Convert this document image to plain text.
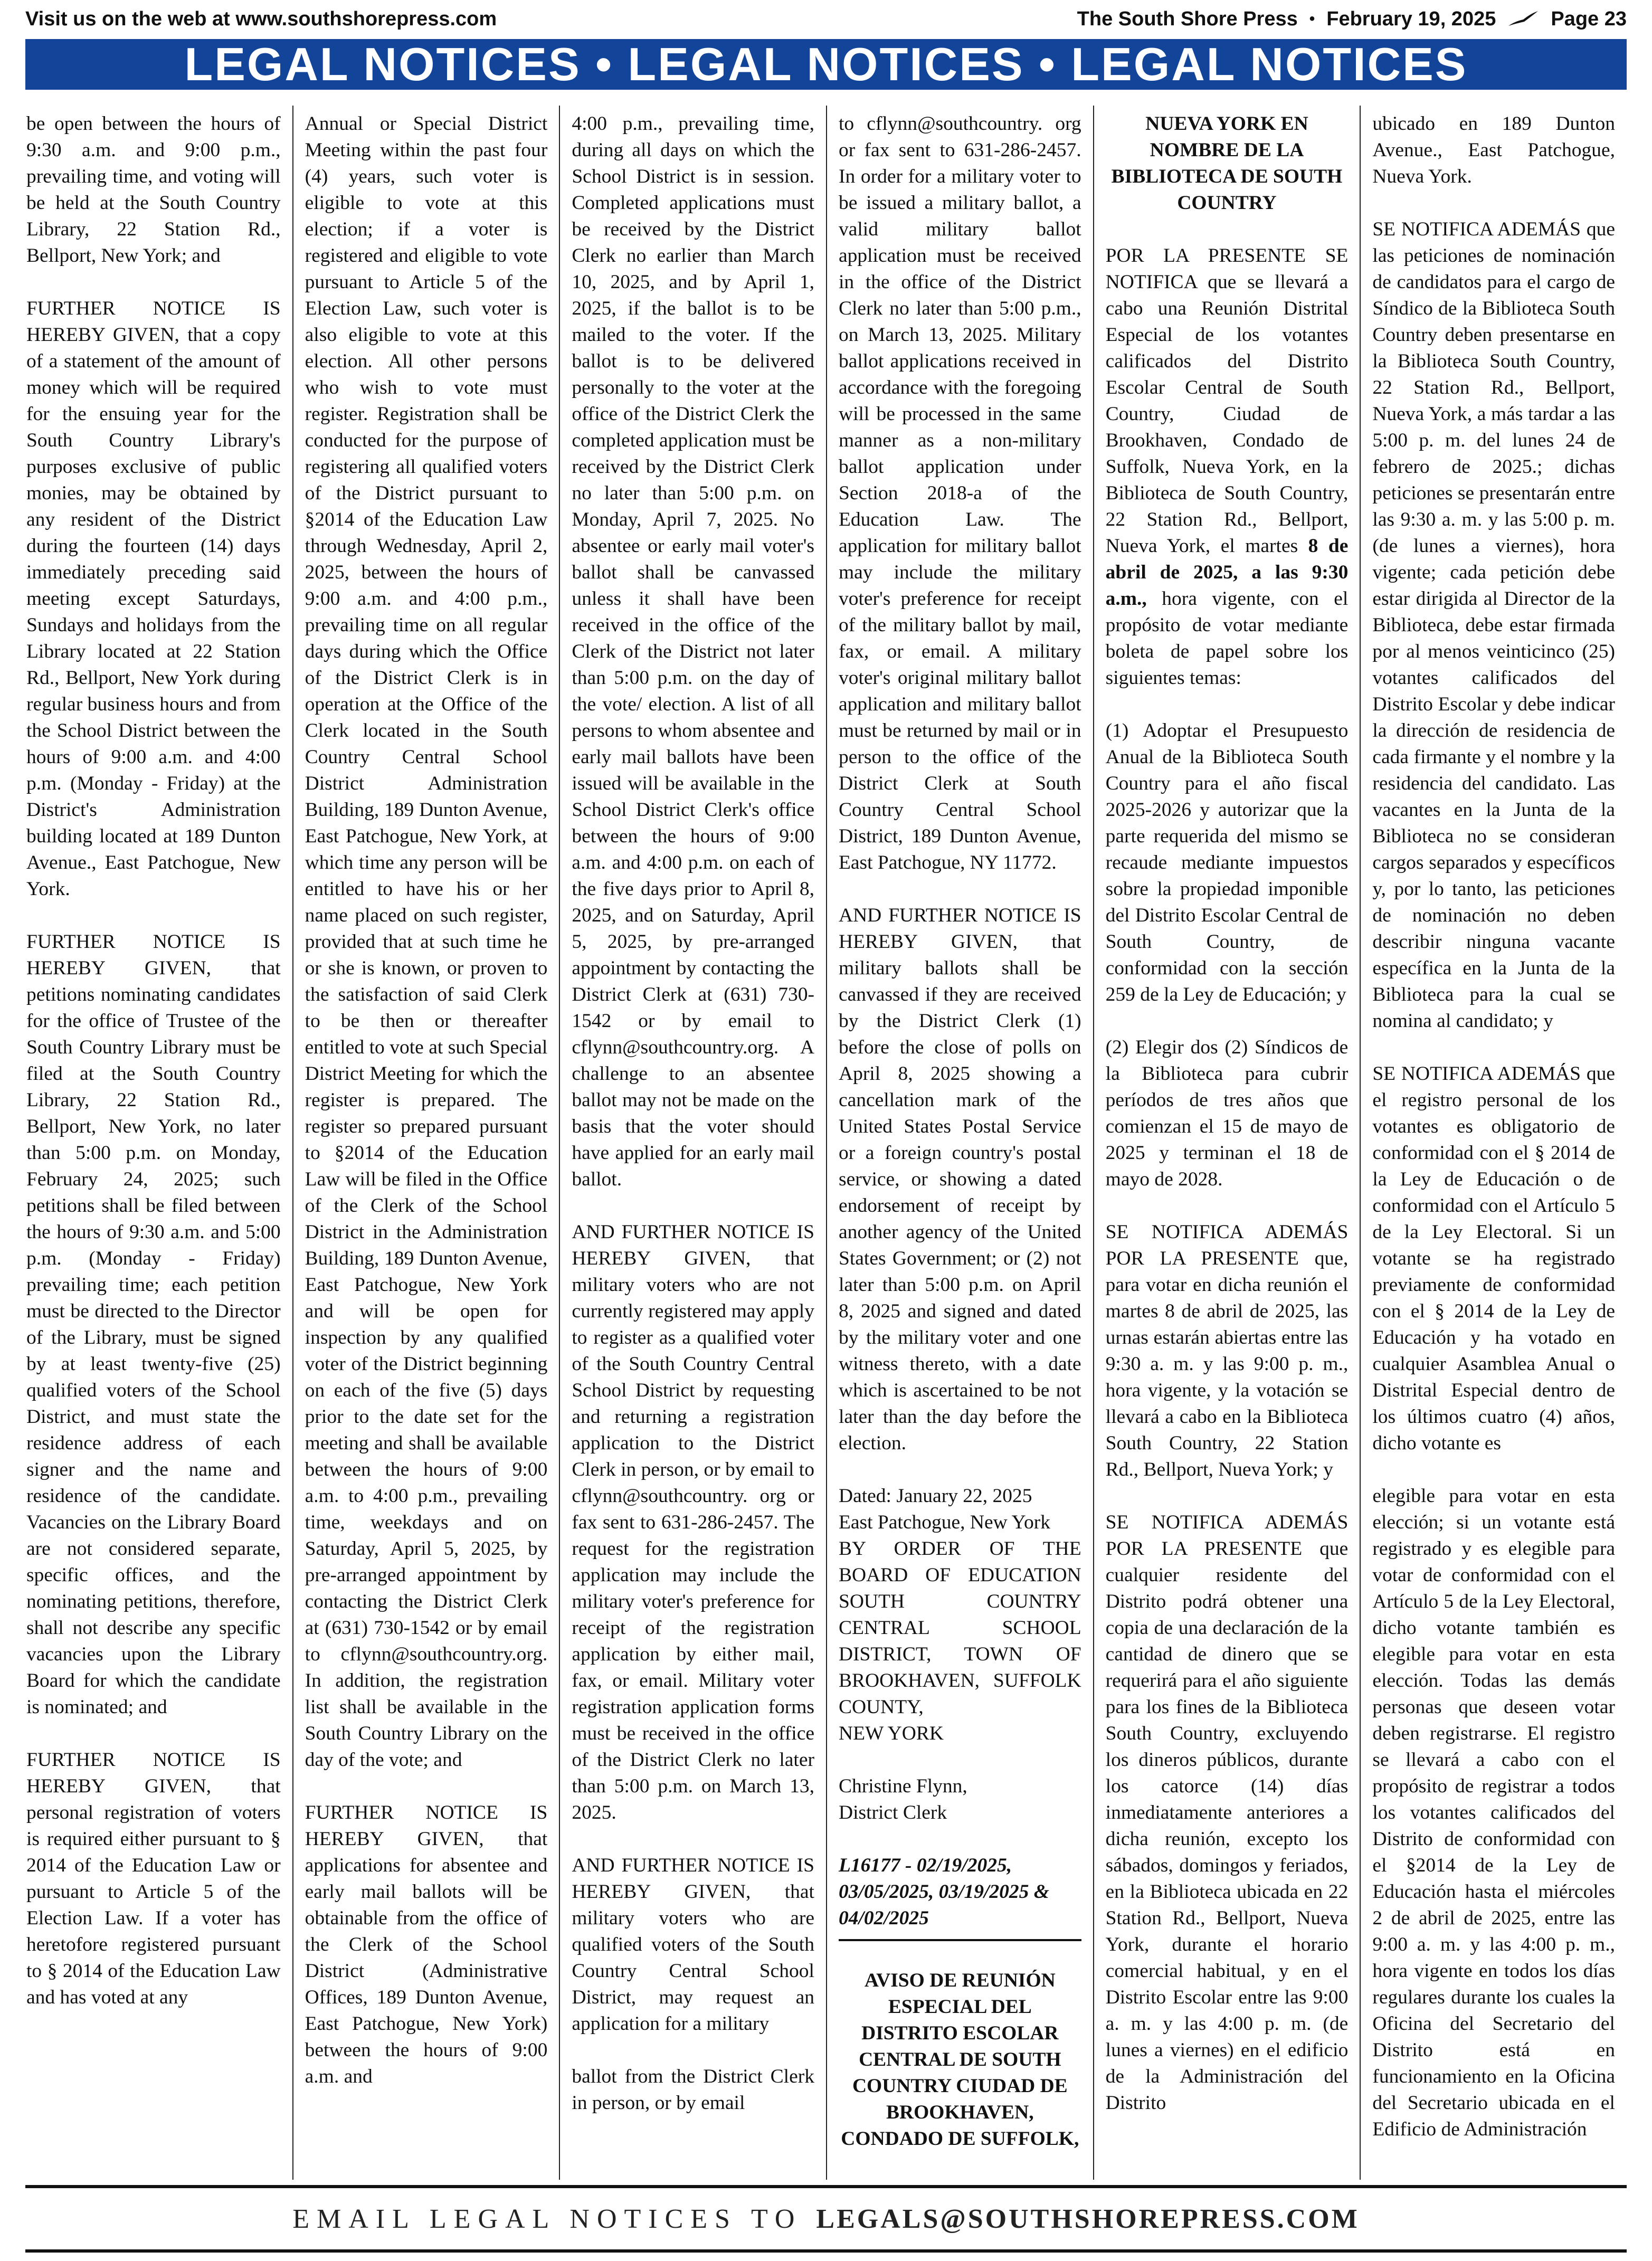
Visit us on the web at www.southshorepress.com	The South Shore Press • February 19, 2025	Page 23
LEGAL NOTICES • LEGAL NOTICES • LEGAL NOTICES

be open between the hours of 9:30 a.m. and 9:00 p.m., prevailing time, and voting will be held at the South Country Library, 22 Station Rd., Bellport, New York; and

FURTHER NOTICE IS HEREBY GIVEN, that a copy of a statement of the amount of money which will be required for the ensuing year for the South Country Library's purposes exclusive of public monies, may be obtained by any resident of the District during the fourteen (14) days immediately preceding said meeting except Saturdays, Sundays and holidays from the Library located at 22 Station Rd., Bellport, New York during regular business hours and from the School District between the hours of 9:00 a.m. and 4:00 p.m. (Monday - Friday) at the District's Administration building located at 189 Dunton Avenue., East Patchogue, New York.

FURTHER NOTICE IS HEREBY GIVEN, that petitions nominating candidates for the office of Trustee of the South Country Library must be filed at the South Country Library, 22 Station Rd., Bellport, New York, no later than 5:00 p.m. on Monday, February 24, 2025; such petitions shall be filed between the hours of 9:30 a.m. and 5:00 p.m. (Monday - Friday) prevailing time; each petition must be directed to the Director of the Library, must be signed by at least twenty-five (25) qualified voters of the School District, and must state the residence address of each signer and the name and residence of the candidate. Vacancies on the Library Board are not considered separate, specific offices, and the nominating petitions, therefore, shall not describe any specific vacancies upon the Library Board for which the candidate is nominated; and

FURTHER NOTICE IS HEREBY GIVEN, that personal registration of voters is required either pursuant to § 2014 of the Education Law or pursuant to Article 5 of the Election Law. If a voter has heretofore registered pursuant to § 2014 of the Education Law and has voted at any

Annual or Special District Meeting within the past four (4) years, such voter is eligible to vote at this election; if a voter is registered and eligible to vote pursuant to Article 5 of the Election Law, such voter is also eligible to vote at this election. All other persons who wish to vote must register. Registration shall be conducted for the purpose of registering all qualified voters of the District pursuant to §2014 of the Education Law through Wednesday, April 2, 2025, between the hours of 9:00 a.m. and 4:00 p.m., prevailing time on all regular days during which the Office of the District Clerk is in operation at the Office of the Clerk located in the South Country Central School District Administration Building, 189 Dunton Avenue, East Patchogue, New York, at which time any person will be entitled to have his or her name placed on such register, provided that at such time he or she is known, or proven to the satisfaction of said Clerk to be then or thereafter entitled to vote at such Special District Meeting for which the register is prepared. The register so prepared pursuant to §2014 of the Education Law will be filed in the Office of the Clerk of the School District in the Administration Building, 189 Dunton Avenue, East Patchogue, New York and will be open for inspection by any qualified voter of the District beginning on each of the five (5) days prior to the date set for the meeting and shall be available between the hours of 9:00 a.m. to 4:00 p.m., prevailing time, weekdays and on Saturday, April 5, 2025, by pre-arranged appointment by contacting the District Clerk at (631) 730-1542 or by email to cflynn@southcountry.org. In addition, the registration list shall be available in the South Country Library on the day of the vote; and

FURTHER NOTICE IS HEREBY GIVEN, that applications for absentee and early mail ballots will be obtainable from the office of the Clerk of the School District (Administrative Offices, 189 Dunton Avenue, East Patchogue, New York) between the hours of 9:00 a.m. and

4:00 p.m., prevailing time, during all days on which the School District is in session. Completed applications must be received by the District Clerk no earlier than March 10, 2025, and by April 1, 2025, if the ballot is to be mailed to the voter. If the ballot is to be delivered personally to the voter at the office of the District Clerk the completed application must be received by the District Clerk no later than 5:00 p.m. on Monday, April 7, 2025. No absentee or early mail voter's ballot shall be canvassed unless it shall have been received in the office of the Clerk of the District not later than 5:00 p.m. on the day of the vote/ election. A list of all persons to whom absentee and early mail ballots have been issued will be available in the School District Clerk's office between the hours of 9:00 a.m. and 4:00 p.m. on each of the five days prior to April 8, 2025, and on Saturday, April 5, 2025, by pre-arranged appointment by contacting the District Clerk at (631) 730-1542 or by email to cflynn@southcountry.org. A challenge to an absentee ballot may not be made on the basis that the voter should have applied for an early mail ballot.

AND FURTHER NOTICE IS HEREBY GIVEN, that military voters who are not currently registered may apply to register as a qualified voter of the South Country Central School District by requesting and returning a registration application to the District Clerk in person, or by email to cflynn@southcountry. org or fax sent to 631-286-2457. The request for the registration application may include the military voter's preference for receipt of the registration application by either mail, fax, or email. Military voter registration application forms must be received in the office of the District Clerk no later than 5:00 p.m. on March 13, 2025.

AND FURTHER NOTICE IS HEREBY GIVEN, that military voters who are qualified voters of the South Country Central School District, may request an application for a military

ballot from the District Clerk in person, or by email

to cflynn@southcountry. org or fax sent to 631-286-2457. In order for a military voter to be issued a military ballot, a valid military ballot application must be received in the office of the District Clerk no later than 5:00 p.m., on March 13, 2025. Military ballot applications received in accordance with the foregoing will be processed in the same manner as a non-military ballot application under Section 2018-a of the Education Law. The application for military ballot may include the military voter's preference for receipt of the military ballot by mail, fax, or email. A military voter's original military ballot application and military ballot must be returned by mail or in person to the office of the District Clerk at South Country Central School District, 189 Dunton Avenue, East Patchogue, NY 11772.

AND FURTHER NOTICE IS HEREBY GIVEN, that military ballots shall be canvassed if they are received by the District Clerk (1) before the close of polls on April 8, 2025 showing a cancellation mark of the United States Postal Service or a foreign country's postal service, or showing a dated endorsement of receipt by another agency of the United States Government; or (2) not later than 5:00 p.m. on April 8, 2025 and signed and dated by the military voter and one witness thereto, with a date which is ascertained to be not later than the day before the election.

Dated: January 22, 2025

East Patchogue, New York

BY ORDER OF THE BOARD OF EDUCATION SOUTH COUNTRY CENTRAL SCHOOL DISTRICT, TOWN OF BROOKHAVEN, SUFFOLK COUNTY,

NEW YORK

Christine Flynn,

District Clerk

L16177 - 02/19/2025, 03/05/2025, 03/19/2025 & 04/02/2025

AVISO DE REUNIÓN ESPECIAL DEL DISTRITO ESCOLAR CENTRAL DE SOUTH COUNTRY CIUDAD DE BROOKHAVEN, CONDADO DE SUFFOLK,

NUEVA YORK EN NOMBRE DE LA BIBLIOTECA DE SOUTH COUNTRY

POR LA PRESENTE SE NOTIFICA que se llevará a cabo una Reunión Distrital Especial de los votantes calificados del Distrito Escolar Central de South Country, Ciudad de Brookhaven, Condado de Suffolk, Nueva York, en la Biblioteca de South Country, 22 Station Rd., Bellport, Nueva York, el martes 8 de abril de 2025, a las 9:30 a.m., hora vigente, con el propósito de votar mediante boleta de papel sobre los siguientes temas:

(1) Adoptar el Presupuesto Anual de la Biblioteca South Country para el año fiscal 2025-2026 y autorizar que la parte requerida del mismo se recaude mediante impuestos sobre la propiedad imponible del Distrito Escolar Central de South Country, de conformidad con la sección 259 de la Ley de Educación; y

(2) Elegir dos (2) Síndicos de la Biblioteca para cubrir períodos de tres años que comienzan el 15 de mayo de 2025 y terminan el 18 de mayo de 2028.

SE NOTIFICA ADEMÁS POR LA PRESENTE que, para votar en dicha reunión el martes 8 de abril de 2025, las urnas estarán abiertas entre las 9:30 a. m. y las 9:00 p. m., hora vigente, y la votación se llevará a cabo en la Biblioteca South Country, 22 Station Rd., Bellport, Nueva York; y

SE NOTIFICA ADEMÁS POR LA PRESENTE que cualquier residente del Distrito podrá obtener una copia de una declaración de la cantidad de dinero que se requerirá para el año siguiente para los fines de la Biblioteca South Country, excluyendo los dineros públicos, durante los catorce (14) días inmediatamente anteriores a dicha reunión, excepto los sábados, domingos y feriados, en la Biblioteca ubicada en 22 Station Rd., Bellport, Nueva York, durante el horario comercial habitual, y en el Distrito Escolar entre las 9:00 a. m. y las 4:00 p. m. (de lunes a viernes) en el edificio de la Administración del Distrito

ubicado en 189 Dunton Avenue., East Patchogue, Nueva York.

SE NOTIFICA ADEMÁS que las peticiones de nominación de candidatos para el cargo de Síndico de la Biblioteca South Country deben presentarse en la Biblioteca South Country, 22 Station Rd., Bellport, Nueva York, a más tardar a las 5:00 p. m. del lunes 24 de febrero de 2025.; dichas peticiones se presentarán entre las 9:30 a. m. y las 5:00 p. m. (de lunes a viernes), hora vigente; cada petición debe estar dirigida al Director de la Biblioteca, debe estar firmada por al menos veinticinco (25) votantes calificados del Distrito Escolar y debe indicar la dirección de residencia de cada firmante y el nombre y la residencia del candidato. Las vacantes en la Junta de la Biblioteca no se consideran cargos separados y específicos y, por lo tanto, las peticiones de nominación no deben describir ninguna vacante específica en la Junta de la Biblioteca para la cual se nomina al candidato; y

SE NOTIFICA ADEMÁS que el registro personal de los votantes es obligatorio de conformidad con el § 2014 de la Ley de Educación o de conformidad con el Artículo 5 de la Ley Electoral. Si un votante se ha registrado previamente de conformidad con el § 2014 de la Ley de Educación y ha votado en cualquier Asamblea Anual o Distrital Especial dentro de los últimos cuatro (4) años, dicho votante es

elegible para votar en esta elección; si un votante está registrado y es elegible para votar de conformidad con el Artículo 5 de la Ley Electoral, dicho votante también es elegible para votar en esta elección. Todas las demás personas que deseen votar deben registrarse. El registro se llevará a cabo con el propósito de registrar a todos los votantes calificados del Distrito de conformidad con el §2014 de la Ley de Educación hasta el miércoles 2 de abril de 2025, entre las 9:00 a. m. y las 4:00 p. m., hora vigente en todos los días regulares durante los cuales la Oficina del Secretario del Distrito está en funcionamiento en la Oficina del Secretario ubicada en el Edificio de Administración

EMAIL LEGAL NOTICES TO LEGALS@SOUTHSHOREPRESS.COM
